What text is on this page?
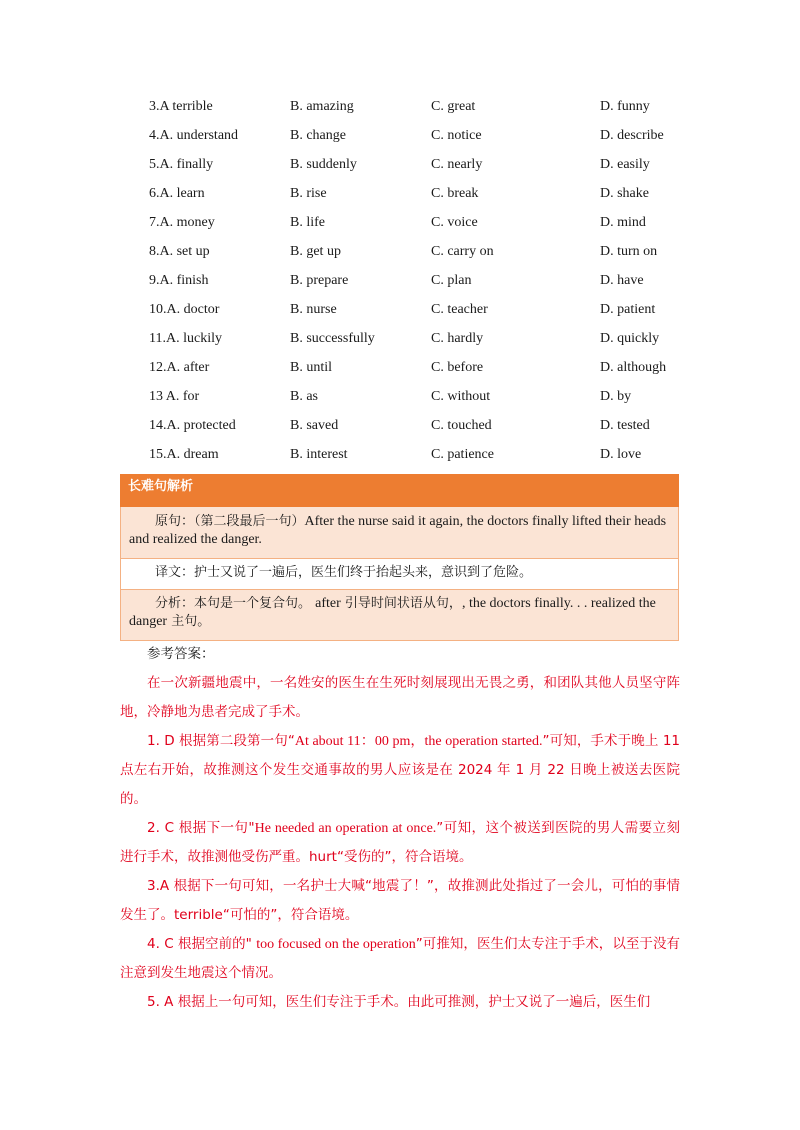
3.A terrible	B. amazing	C. great	D. funny
4.A. understand	B. change	C. notice	D. describe
5.A. finally	B. suddenly	C. nearly	D. easily
6.A. learn	B. rise	C. break	D. shake
7.A. money	B. life	C. voice	D. mind
8.A. set up	B. get up	C. carry on	D. turn on
9.A. finish	B. prepare	C. plan	D. have
10.A. doctor	B. nurse	C. teacher	D. patient
11.A. luckily	B. successfully	C. hardly	D. quickly
12.A. after	B. until	C. before	D. although
13 A. for	B. as	C. without	D. by
14.A. protected	B. saved	C. touched	D. tested
15.A. dream	B. interest	C. patience	D. love
长难句解析
原句：（第二段最后一句）After the nurse said it again, the doctors finally lifted their heads and realized the danger.
译文：护士又说了一遍后，医生们终于抬起头来，意识到了危险。
分析：本句是一个复合句。 after 引导时间状语从句，, the doctors finally. . . realized the danger 主句。
参考答案：
在一次新疆地震中，一名姓安的医生在生死时刻展现出无畏之勇，和团队其他人员坚守阵地，冷静地为患者完成了手术。
1. D 根据第二段第一句“At about 11：00 pm，the operation started.”可知，手术于晚上 11 点左右开始，故推测这个发生交通事故的男人应该是在 2024 年 1 月 22 日晚上被送去医院的。
2. C 根据下一句"He needed an operation at once.”可知，这个被送到医院的男人需要立刻进行手术，故推测他受伤严重。hurt“受伤的”，符合语境。
3.A 根据下一句可知，一名护士大喊“地震了！”，故推测此处指过了一会儿，可怕的事情发生了。terrible“可怕的”，符合语境。
4. C 根据空前的" too focused on the operation”可推知，医生们太专注于手术，以至于没有注意到发生地震这个情况。
5. A 根据上一句可知，医生们专注于手术。由此可推测，护士又说了一遍后，医生们
